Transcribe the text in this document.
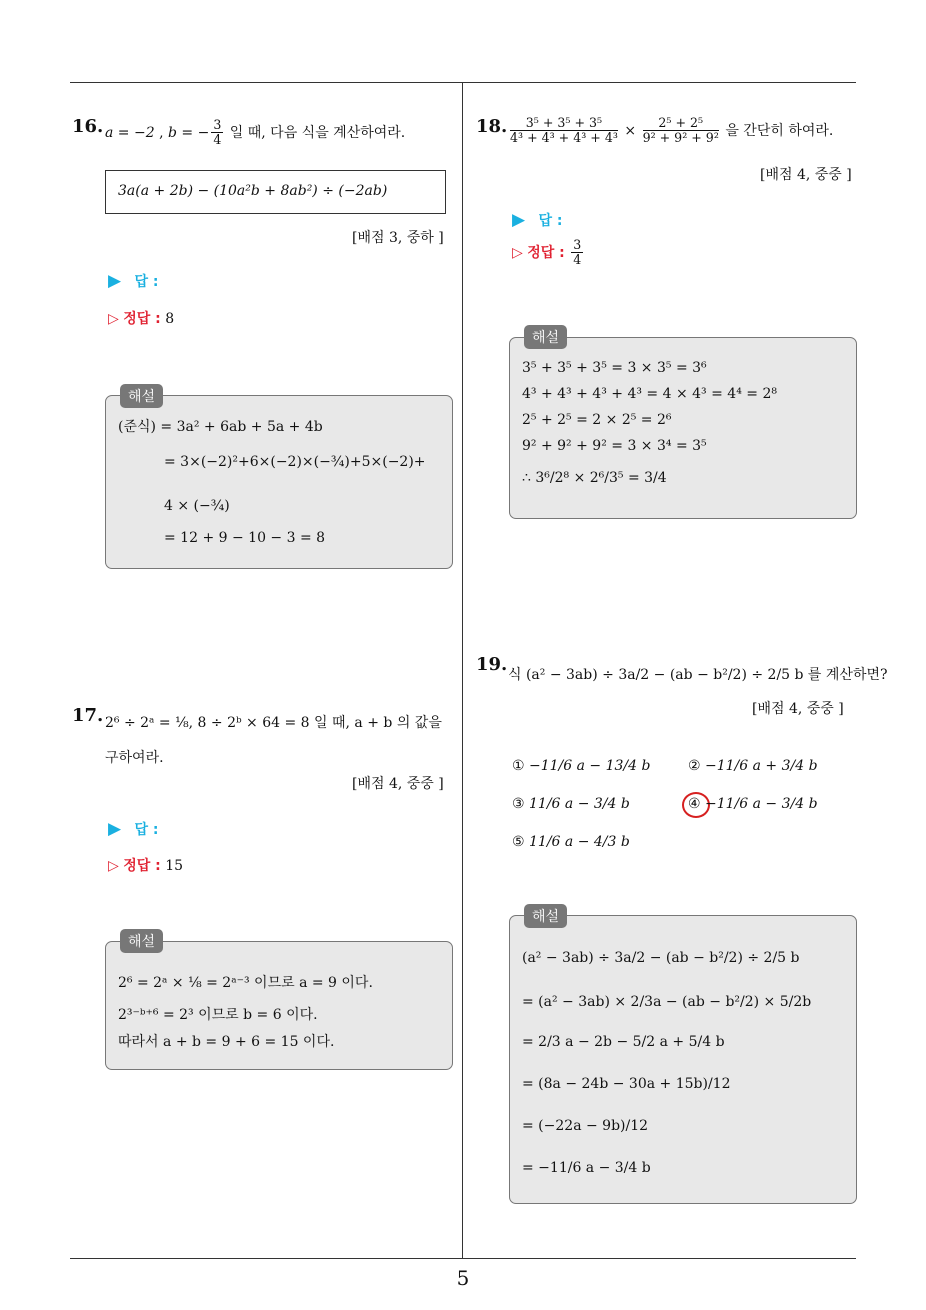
5
16. a = −2 , b = − $\frac{3}{4}$ 일 때, 다음 식을 계산하여라.
3a(a + 2b) − (10a²b + 8ab²) ÷ (−2ab)
[배점 3, 중하 ]
▶ 답 :
▷ 정답 : 8
(준식) = 3a² + 6ab + 5a + 4b
= 3×(−2)²+6×(−2)×(−¾)+5×(−2)+
4 × (−¾)
= 12 + 9 − 10 − 3 = 8
해설
17. 2⁶ ÷ 2ᵃ = ⅛, 8 ÷ 2ᵇ × 64 = 8 일 때, a + b 의 값을
구하여라.
[배점 4, 중중 ]
▶ 답 :
▷ 정답 : 15
2⁶ = 2ᵃ × ⅛ = 2ᵃ⁻³ 이므로 a = 9 이다.
2³⁻ᵇ⁺⁶ = 2³ 이므로 b = 6 이다.
따라서 a + b = 9 + 6 = 15 이다.
해설
18. $\frac{\text{3⁵ + 3⁵ + 3⁵}}{\text{4³ + 4³ + 4³ + 4³}} \times \frac{\text{2⁵ + 2⁵}}{\text{9² + 9² + 9²}}$ 을 간단히 하여라.
[배점 4, 중중 ]
▶ 답 :
▷ 정답 : $\frac{3}{4}$
3⁵ + 3⁵ + 3⁵ = 3 × 3⁵ = 3⁶
4³ + 4³ + 4³ + 4³ = 4 × 4³ = 4⁴ = 2⁸
2⁵ + 2⁵ = 2 × 2⁵ = 2⁶
9² + 9² + 9² = 3 × 3⁴ = 3⁵
∴ 3⁶/2⁸ × 2⁶/3⁵ = 3/4
해설
19. 식 (a² − 3ab) ÷ 3a/2 − (ab − b²/2) ÷ 2/5 b 를 계산하면?
[배점 4, 중중 ]
① −11/6 a − 13/4 b	② −11/6 a + 3/4 b
③ 11/6 a − 3/4 b	④ −11/6 a − 3/4 b
⑤ 11/6 a − 4/3 b
(a² − 3ab) ÷ 3a/2 − (ab − b²/2) ÷ 2/5 b
= (a² − 3ab) × 2/3a − (ab − b²/2) × 5/2b
= 2/3 a − 2b − 5/2 a + 5/4 b
= (8a − 24b − 30a + 15b)/12
= (−22a − 9b)/12
= −11/6 a − 3/4 b
해설
